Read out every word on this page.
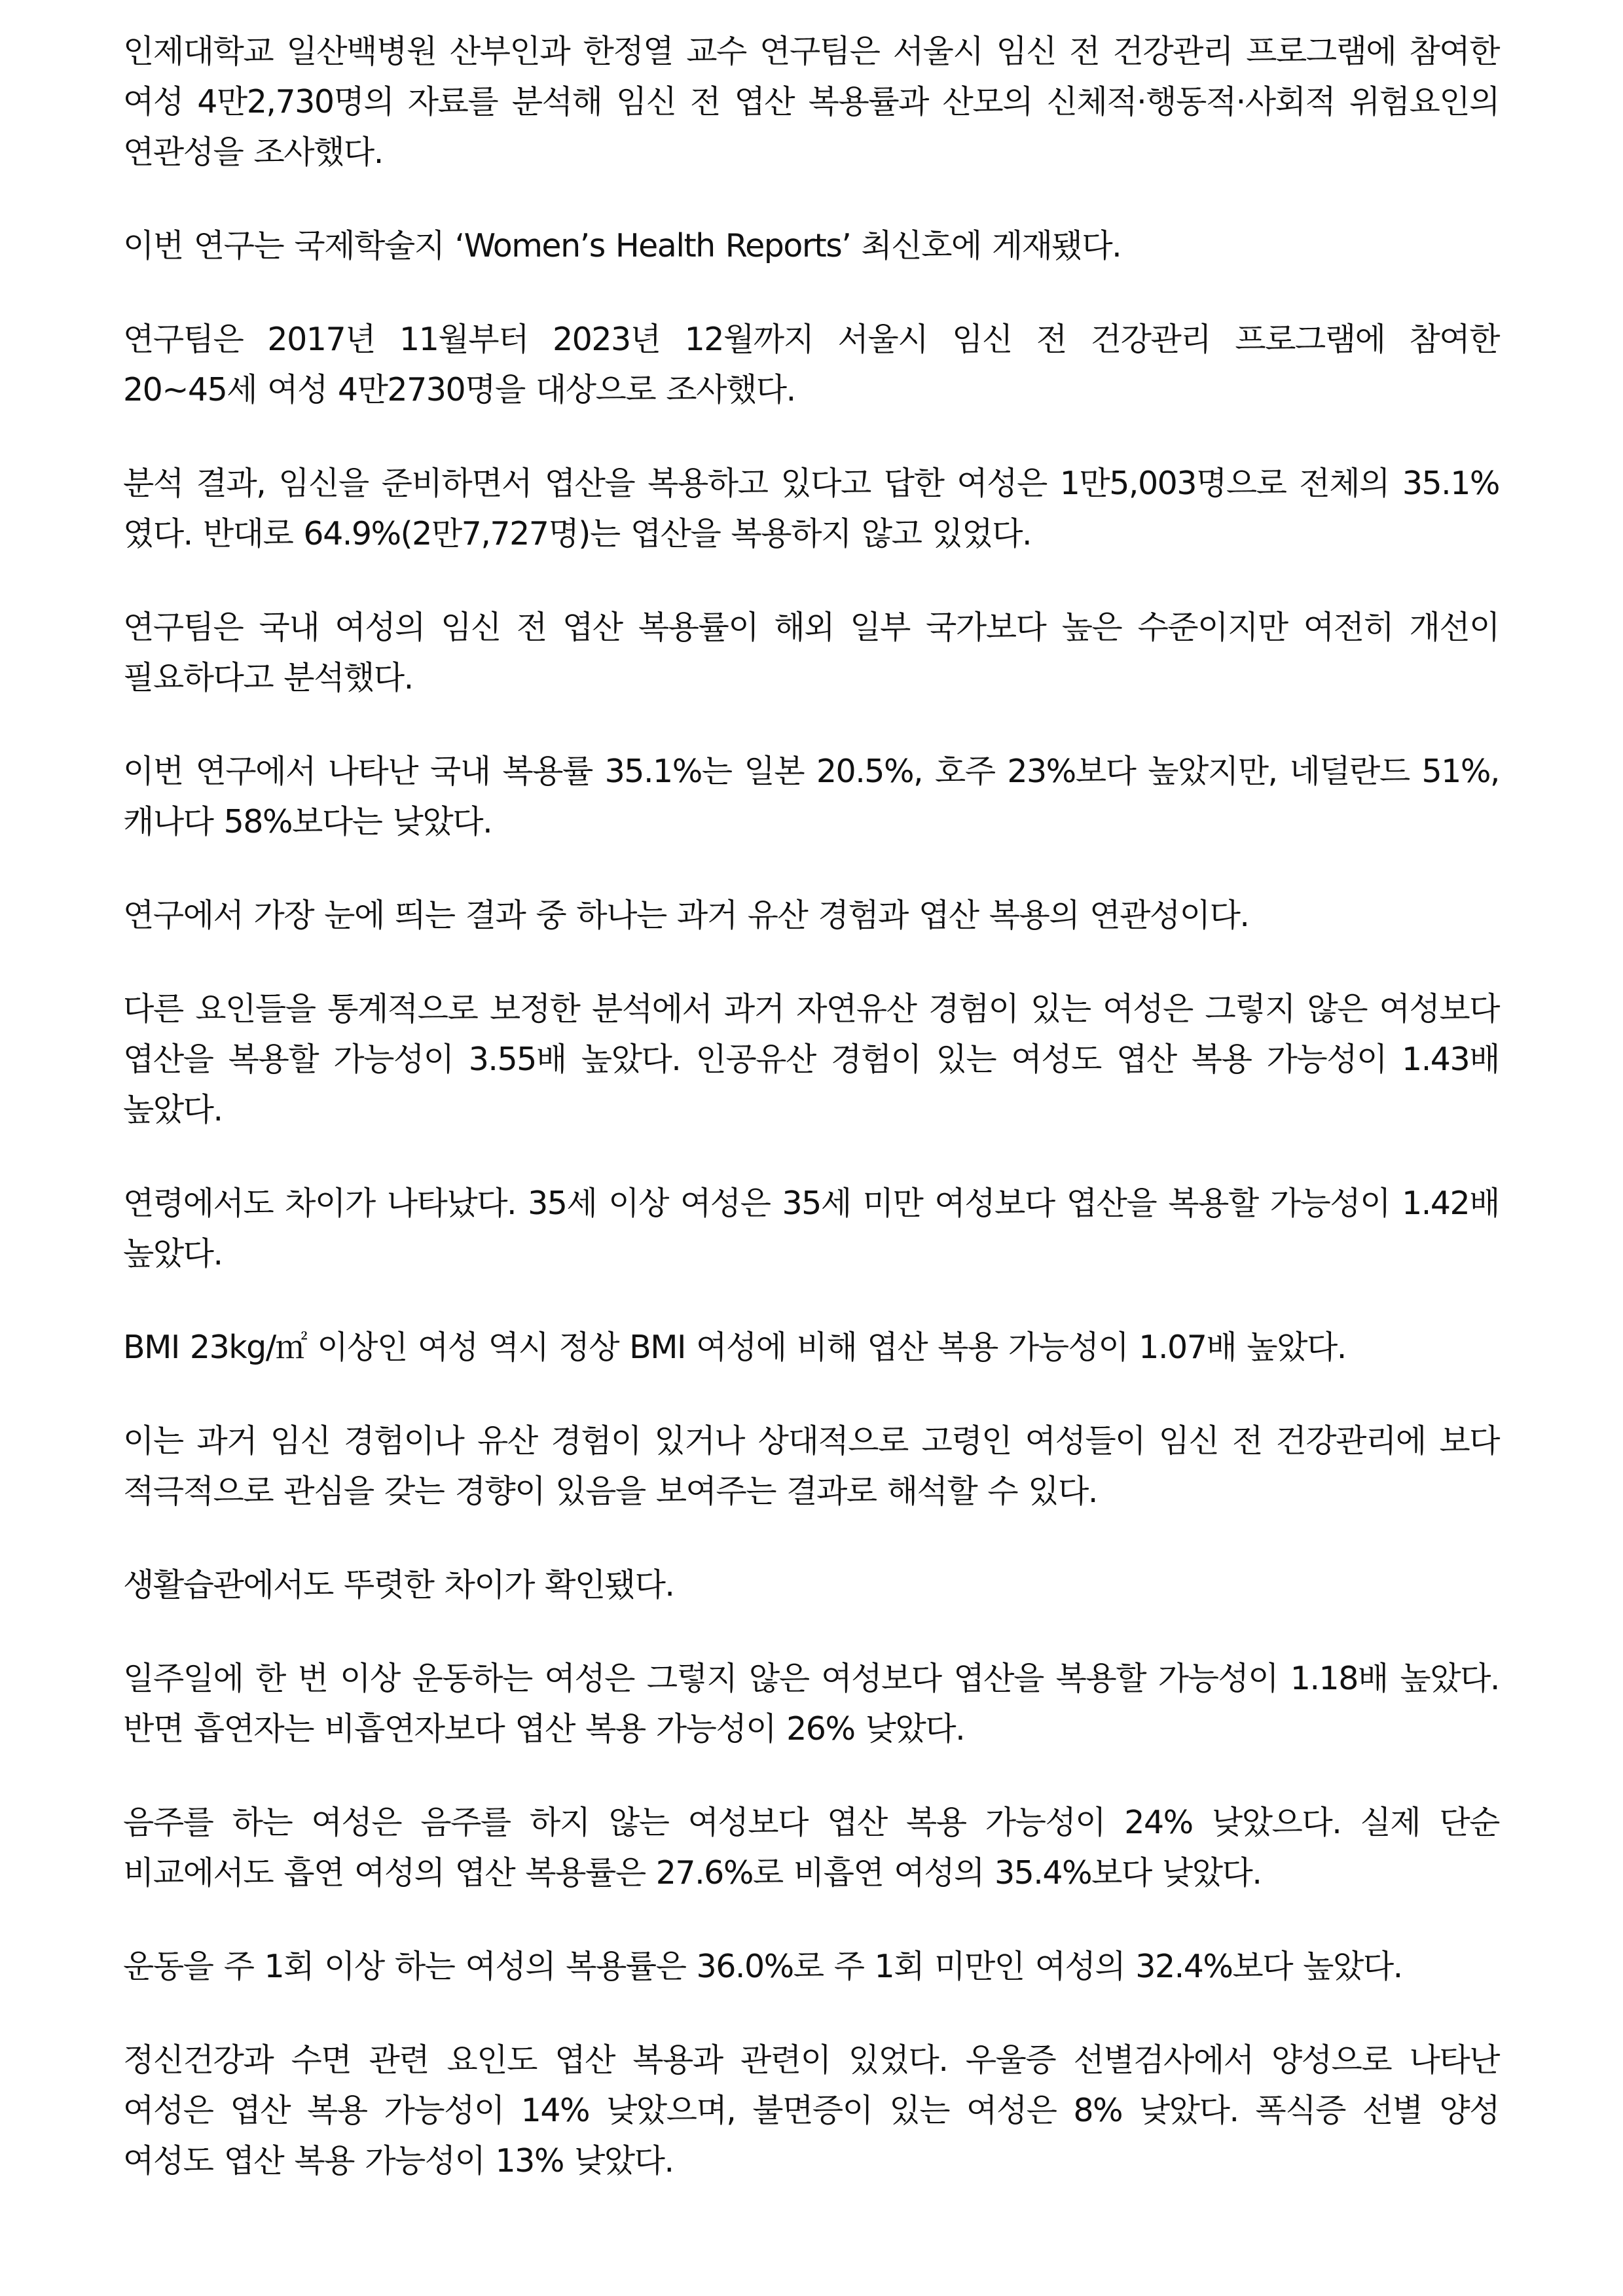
인제대학교 일산백병원 산부인과 한정열 교수 연구팀은 서울시 임신 전 건강관리 프로그램에 참여한 여성 4만2,730명의 자료를 분석해 임신 전 엽산 복용률과 산모의 신체적·행동적·사회적 위험요인의 연관성을 조사했다.

이번 연구는 국제학술지 ‘Women’s Health Reports’ 최신호에 게재됐다.

연구팀은 2017년 11월부터 2023년 12월까지 서울시 임신 전 건강관리 프로그램에 참여한 20~45세 여성 4만2730명을 대상으로 조사했다.

분석 결과, 임신을 준비하면서 엽산을 복용하고 있다고 답한 여성은 1만5,003명으로 전체의 35.1%였다. 반대로 64.9%(2만7,727명)는 엽산을 복용하지 않고 있었다.

연구팀은 국내 여성의 임신 전 엽산 복용률이 해외 일부 국가보다 높은 수준이지만 여전히 개선이 필요하다고 분석했다.

이번 연구에서 나타난 국내 복용률 35.1%는 일본 20.5%, 호주 23%보다 높았지만, 네덜란드 51%, 캐나다 58%보다는 낮았다.

연구에서 가장 눈에 띄는 결과 중 하나는 과거 유산 경험과 엽산 복용의 연관성이다.

다른 요인들을 통계적으로 보정한 분석에서 과거 자연유산 경험이 있는 여성은 그렇지 않은 여성보다 엽산을 복용할 가능성이 3.55배 높았다. 인공유산 경험이 있는 여성도 엽산 복용 가능성이 1.43배 높았다.

연령에서도 차이가 나타났다. 35세 이상 여성은 35세 미만 여성보다 엽산을 복용할 가능성이 1.42배 높았다.

BMI 23kg/㎡ 이상인 여성 역시 정상 BMI 여성에 비해 엽산 복용 가능성이 1.07배 높았다.

이는 과거 임신 경험이나 유산 경험이 있거나 상대적으로 고령인 여성들이 임신 전 건강관리에 보다 적극적으로 관심을 갖는 경향이 있음을 보여주는 결과로 해석할 수 있다.

생활습관에서도 뚜렷한 차이가 확인됐다.

일주일에 한 번 이상 운동하는 여성은 그렇지 않은 여성보다 엽산을 복용할 가능성이 1.18배 높았다. 반면 흡연자는 비흡연자보다 엽산 복용 가능성이 26% 낮았다.

음주를 하는 여성은 음주를 하지 않는 여성보다 엽산 복용 가능성이 24% 낮았으다. 실제 단순 비교에서도 흡연 여성의 엽산 복용률은 27.6%로 비흡연 여성의 35.4%보다 낮았다.

운동을 주 1회 이상 하는 여성의 복용률은 36.0%로 주 1회 미만인 여성의 32.4%보다 높았다.

정신건강과 수면 관련 요인도 엽산 복용과 관련이 있었다. 우울증 선별검사에서 양성으로 나타난 여성은 엽산 복용 가능성이 14% 낮았으며, 불면증이 있는 여성은 8% 낮았다. 폭식증 선별 양성 여성도 엽산 복용 가능성이 13% 낮았다.
